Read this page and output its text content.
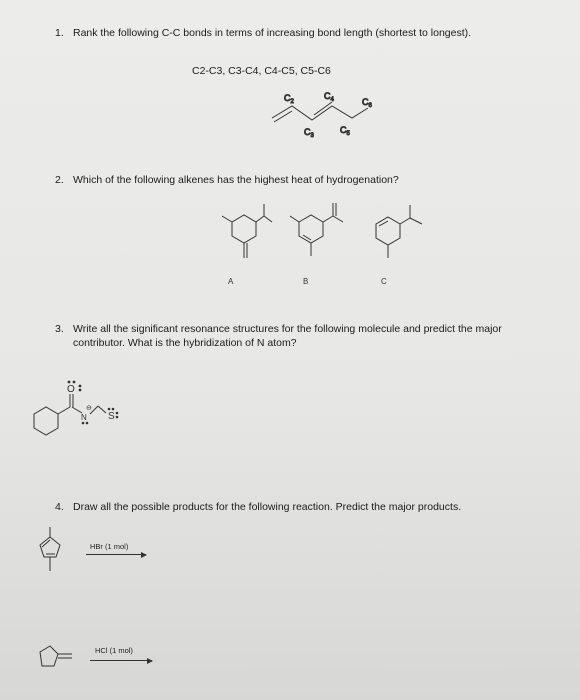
1. Rank the following C-C bonds in terms of increasing bond length (shortest to longest).
C2-C3, C3-C4, C4-C5, C5-C6
$C_2$
$C_4$	$C_6$
$C_3$
$C_5$
2. Which of the following alkenes has the highest heat of hydrogenation?
A	B	C
3. Write all the significant resonance structures for the following molecule and predict the major
contributor. What is the hybridization of N atom?
O
N
⊖
S
4. Draw all the possible products for the following reaction. Predict the major products.
HBr (1 mol)
HCl (1 mol)
